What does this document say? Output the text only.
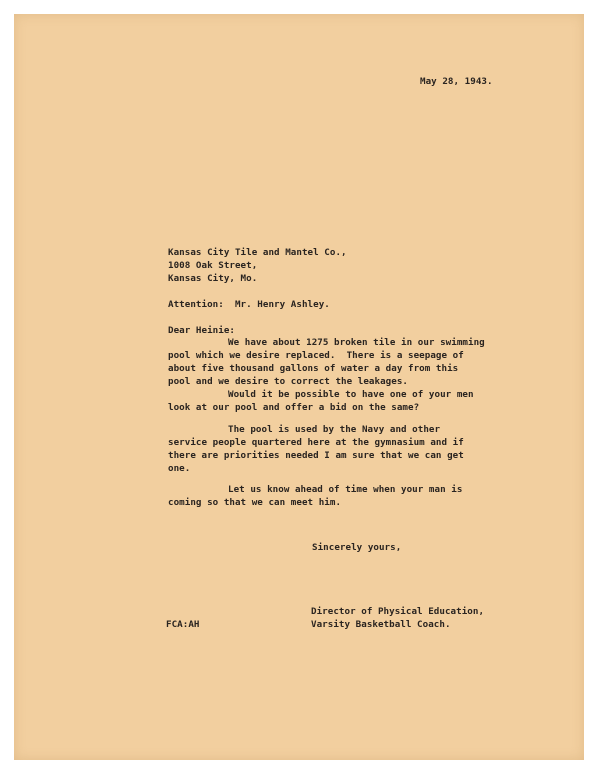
May 28, 1943.
Kansas City Tile and Mantel Co.,
1008 Oak Street,
Kansas City, Mo.
Attention:  Mr. Henry Ashley.
Dear Heinie:
We have about 1275 broken tile in our swimming
pool which we desire replaced.  There is a seepage of
about five thousand gallons of water a day from this
pool and we desire to correct the leakages.
Would it be possible to have one of your men
look at our pool and offer a bid on the same?
The pool is used by the Navy and other
service people quartered here at the gymnasium and if
there are priorities needed I am sure that we can get
one.
Let us know ahead of time when your man is
coming so that we can meet him.
Sincerely yours,
Director of Physical Education,
Varsity Basketball Coach.
FCA:AH
